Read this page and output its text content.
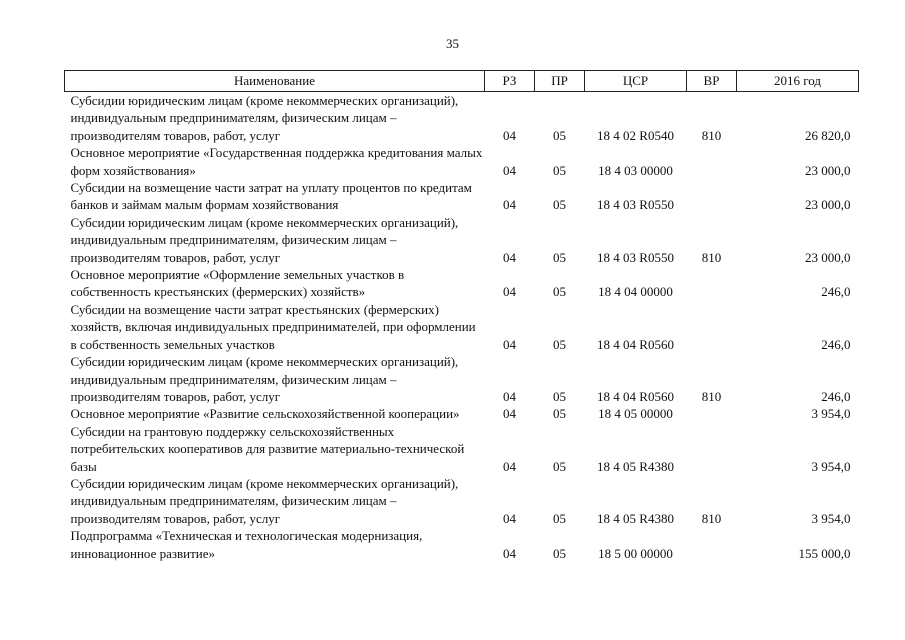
35
Наименование	РЗ	ПР	ЦСР	ВР	2016 год
Субсидии юридическим лицам (кроме некоммерческих организаций), индивидуальным предпринимателям, физическим лицам – производителям товаров, работ, услуг	04	05	18 4 02 R0540	810	26 820,0
Основное мероприятие «Государственная поддержка кредитования малых форм хозяйствования»	04	05	18 4 03 00000		23 000,0
Субсидии на возмещение части затрат на уплату процентов по кредитам банков и займам малым формам хозяйствования	04	05	18 4 03 R0550		23 000,0
Субсидии юридическим лицам (кроме некоммерческих организаций), индивидуальным предпринимателям, физическим лицам – производителям товаров, работ, услуг	04	05	18 4 03 R0550	810	23 000,0
Основное мероприятие «Оформление земельных участков в собственность крестьянских (фермерских) хозяйств»	04	05	18 4 04 00000		246,0
Субсидии на возмещение части затрат крестьянских (фермерских) хозяйств, включая индивидуальных предпринимателей, при оформлении в собственность земельных участков	04	05	18 4 04 R0560		246,0
Субсидии юридическим лицам (кроме некоммерческих организаций), индивидуальным предпринимателям, физическим лицам – производителям товаров, работ, услуг	04	05	18 4 04 R0560	810	246,0
Основное мероприятие «Развитие сельскохозяйственной кооперации»	04	05	18 4 05 00000		3 954,0
Субсидии на грантовую поддержку сельскохозяйственных потребительских кооперативов для развитие материально-технической базы	04	05	18 4 05 R4380		3 954,0
Субсидии юридическим лицам (кроме некоммерческих организаций), индивидуальным предпринимателям, физическим лицам – производителям товаров, работ, услуг	04	05	18 4 05 R4380	810	3 954,0
Подпрограмма «Техническая и технологическая модернизация, инновационное развитие»	04	05	18 5 00 00000		155 000,0
